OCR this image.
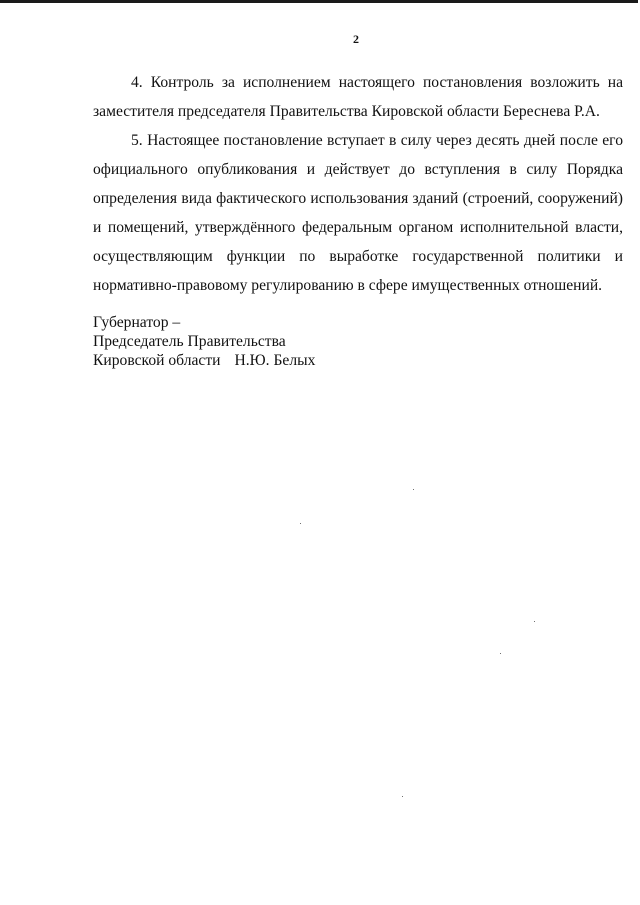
2

4. Контроль за исполнением настоящего постановления возложить на заместителя председателя Правительства Кировской области Береснева Р.А.

5. Настоящее постановление вступает в силу через десять дней после его официального опубликования и действует до вступления в силу Порядка определения вида фактического использования зданий (строений, сооружений) и помещений, утверждённого федеральным органом исполнительной власти, осуществляющим функции по выработке государственной политики и нормативно-правовому регулированию в сфере имущественных отношений.

Губернатор –
Председатель Правительства
Кировской области Н.Ю. Белых
